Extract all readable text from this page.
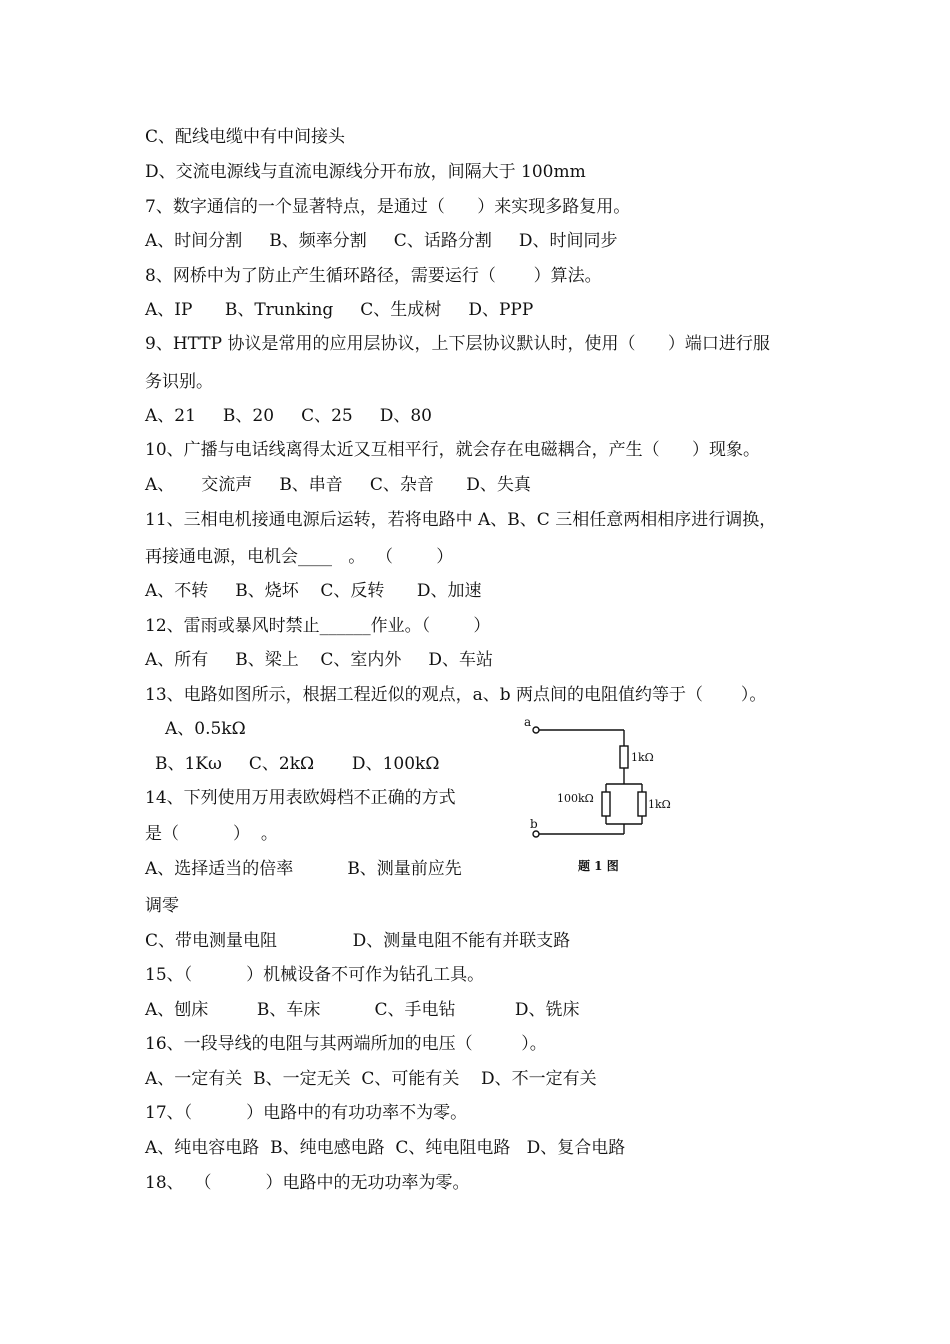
C、配线电缆中有中间接头
D、交流电源线与直流电源线分开布放，间隔大于 100mm
7、数字通信的一个显著特点，是通过（      ）来实现多路复用。
A、时间分割     B、频率分割     C、话路分割     D、时间同步
8、网桥中为了防止产生循环路径，需要运行（       ）算法。
A、IP      B、Trunking     C、生成树     D、PPP
9、HTTP 协议是常用的应用层协议，上下层协议默认时，使用（      ）端口进行服
务识别。
A、21     B、20     C、25     D、80
10、广播与电话线离得太近又互相平行，就会存在电磁耦合，产生（      ）现象。
A、     交流声     B、串音     C、杂音      D、失真
11、三相电机接通电源后运转，若将电路中 A、B、C 三相任意两相相序进行调换，
再接通电源，电机会____   。  （        ）
A、不转     B、烧坏    C、反转      D、加速
12、雷雨或暴风时禁止______作业。（        ）
A、所有     B、梁上    C、室内外     D、车站
13、电路如图所示，根据工程近似的观点，a、b 两点间的电阻值约等于（       ）。
A、0.5kΩ
B、1Kω     C、2kΩ       D、100kΩ
14、下列使用万用表欧姆档不正确的方式
是（          ）  。
A、选择适当的倍率          B、测量前应先
调零
C、带电测量电阻              D、测量电阻不能有并联支路
15、（          ）机械设备不可作为钻孔工具。
A、刨床         B、车床          C、手电钻           D、铣床
16、一段导线的电阻与其两端所加的电压（         ）。
A、一定有关  B、一定无关  C、可能有关    D、不一定有关
17、（          ）电路中的有功功率不为零。
A、纯电容电路  B、纯电感电路  C、纯电阻电路   D、复合电路
18、  （          ）电路中的无功功率为零。
a
b
1kΩ
100kΩ	1kΩ
题 1 图
